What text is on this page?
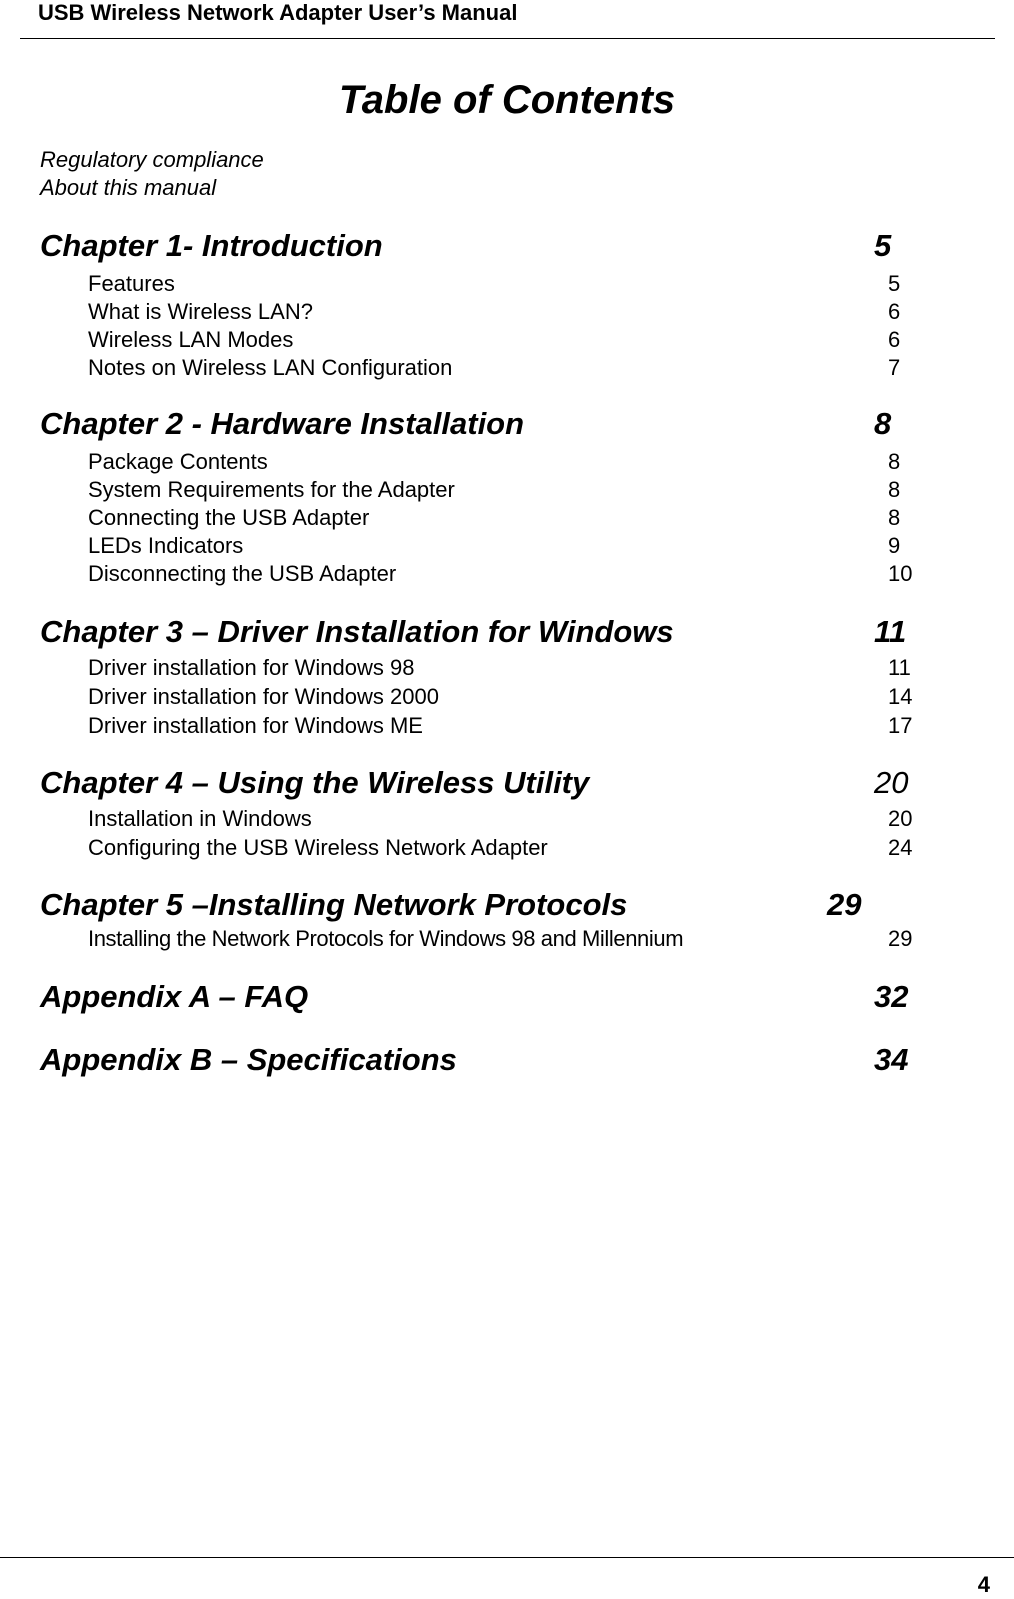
USB Wireless Network Adapter User’s Manual
Table of Contents
Regulatory compliance
About this manual
Chapter 1- Introduction	5
Features	5
What is Wireless LAN?	6
Wireless LAN Modes	6
Notes on Wireless LAN Configuration	7
Chapter 2 - Hardware Installation	8
Package Contents	8
System Requirements for the Adapter	8
Connecting the USB Adapter	8
LEDs Indicators	9
Disconnecting the USB Adapter	10
Chapter 3 – Driver Installation for Windows	11
Driver installation for Windows 98	11
Driver installation for Windows 2000	14
Driver installation for Windows ME	17
Chapter 4 – Using the Wireless Utility	20
Installation in Windows	20
Configuring the USB Wireless Network Adapter	24
Chapter 5 –Installing Network Protocols	29
Installing the Network Protocols for Windows 98 and Millennium	29
Appendix A – FAQ	32
Appendix B – Specifications	34
4
